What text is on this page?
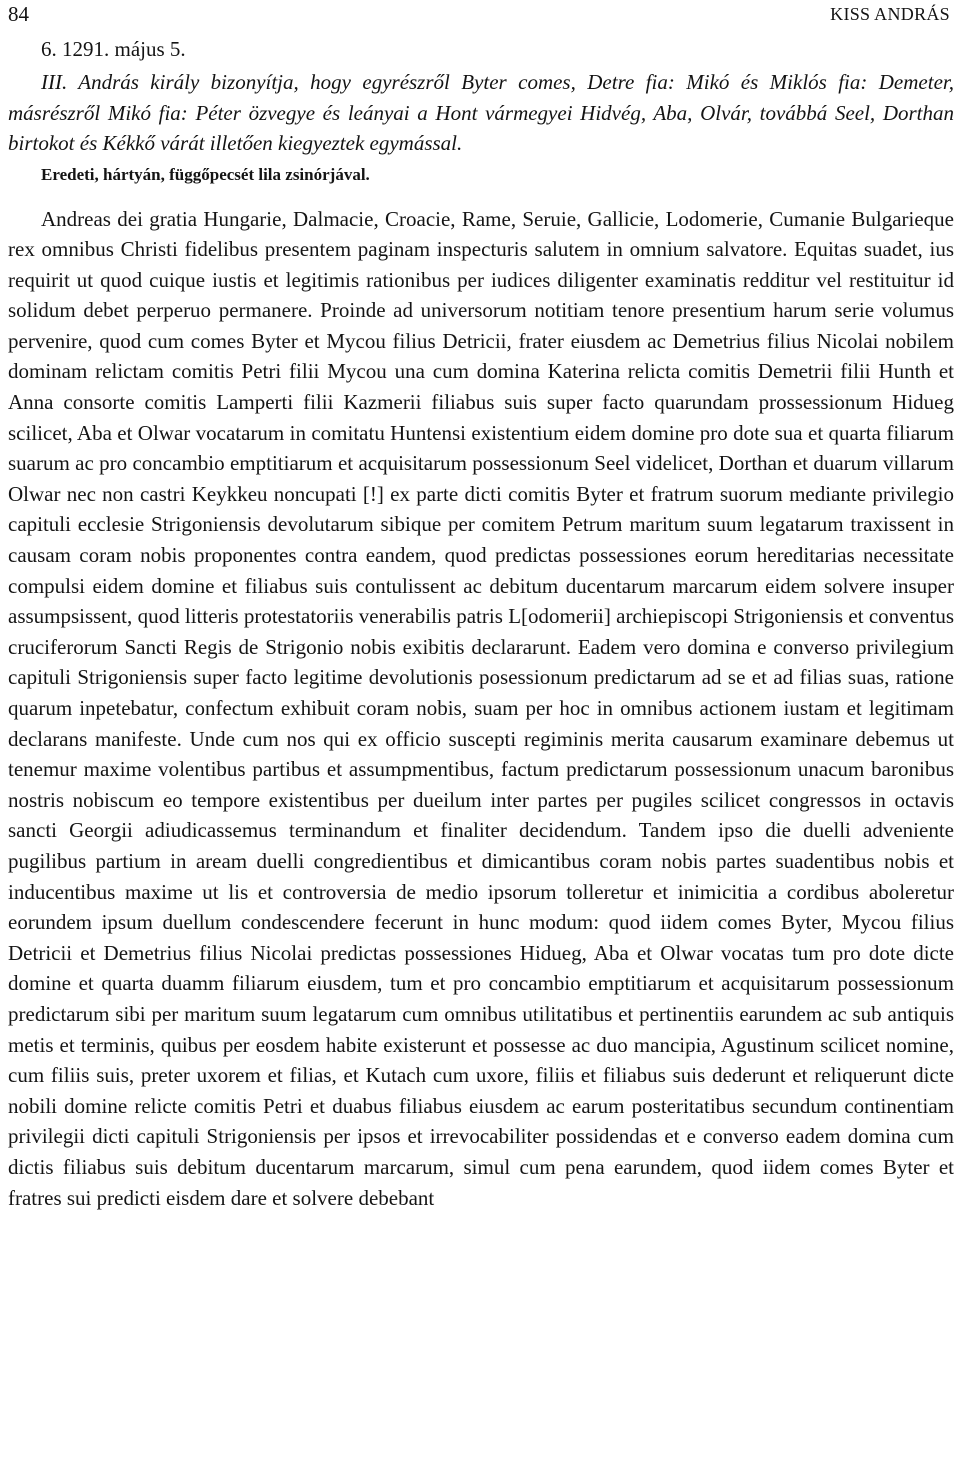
84	KISS ANDRÁS
6. 1291. május 5.

III. András király bizonyítja, hogy egyrészről Byter comes, Detre fia: Mikó és Miklós fia: Demeter, másrészről Mikó fia: Péter özvegye és leányai a Hont vármegyei Hidvég, Aba, Olvár, továbbá Seel, Dorthan birtokot és Kékkő várát illetően kiegyeztek egymással.

Eredeti, hártyán, függőpecsét lila zsinórjával.

Andreas dei gratia Hungarie, Dalmacie, Croacie, Rame, Seruie, Gallicie, Lodomerie, Cumanie Bulgarieque rex omnibus Christi fidelibus presentem paginam inspecturis salutem in omnium salvatore. Equitas suadet, ius requirit ut quod cuique iustis et legitimis rationibus per iudices diligenter examinatis redditur vel restituitur id solidum debet perperuo permanere. Proinde ad universorum notitiam tenore presentium harum serie volumus pervenire, quod cum comes Byter et Mycou filius Detricii, frater eiusdem ac Demetrius filius Nicolai nobilem dominam relictam comitis Petri filii Mycou una cum domina Katerina relicta comitis Demetrii filii Hunth et Anna consorte comitis Lamperti filii Kazmerii filiabus suis super facto quarundam prossessionum Hidueg scilicet, Aba et Olwar vocatarum in comitatu Huntensi existentium eidem domine pro dote sua et quarta filiarum suarum ac pro concambio emptitiarum et acquisitarum possessionum Seel videlicet, Dorthan et duarum villarum Olwar nec non castri Keykkeu noncupati [!] ex parte dicti comitis Byter et fratrum suorum mediante privilegio capituli ecclesie Strigoniensis devolutarum sibique per comitem Petrum maritum suum legatarum traxissent in causam coram nobis proponentes contra eandem, quod predictas possessiones eorum hereditarias necessitate compulsi eidem domine et filiabus suis contulissent ac debitum ducentarum marcarum eidem solvere insuper assumpsissent, quod litteris protestatoriis venerabilis patris L[odomerii] archiepiscopi Strigoniensis et conventus cruciferorum Sancti Regis de Strigonio nobis exibitis declararunt. Eadem vero domina e converso privilegium capituli Strigoniensis super facto legitime devolutionis posessionum predictarum ad se et ad filias suas, ratione quarum inpetebatur, confectum exhibuit coram nobis, suam per hoc in omnibus actionem iustam et legitimam declarans manifeste. Unde cum nos qui ex officio suscepti regiminis merita causarum examinare debemus ut tenemur maxime volentibus partibus et assumpmentibus, factum predictarum possessionum unacum baronibus nostris nobiscum eo tempore existentibus per dueilum inter partes per pugiles scilicet congressos in octavis sancti Georgii adiudicassemus terminandum et finaliter decidendum. Tandem ipso die duelli adveniente pugilibus partium in aream duelli congredientibus et dimicantibus coram nobis partes suadentibus nobis et inducentibus maxime ut lis et controversia de medio ipsorum tolleretur et inimicitia a cordibus aboleretur eorundem ipsum duellum condescendere fecerunt in hunc modum: quod iidem comes Byter, Mycou filius Detricii et Demetrius filius Nicolai predictas possessiones Hidueg, Aba et Olwar vocatas tum pro dote dicte domine et quarta duamm filiarum eiusdem, tum et pro concambio emptitiarum et acquisitarum possessionum predictarum sibi per maritum suum legatarum cum omnibus utilitatibus et pertinentiis earundem ac sub antiquis metis et terminis, quibus per eosdem habite existerunt et possesse ac duo mancipia, Agustinum scilicet nomine, cum filiis suis, preter uxorem et filias, et Kutach cum uxore, filiis et filiabus suis dederunt et reliquerunt dicte nobili domine relicte comitis Petri et duabus filiabus eiusdem ac earum posteritatibus secundum continentiam privilegii dicti capituli Strigoniensis per ipsos et irrevocabiliter possidendas et e converso eadem domina cum dictis filiabus suis debitum ducentarum marcarum, simul cum pena earundem, quod iidem comes Byter et fratres sui predicti eisdem dare et solvere debebant
